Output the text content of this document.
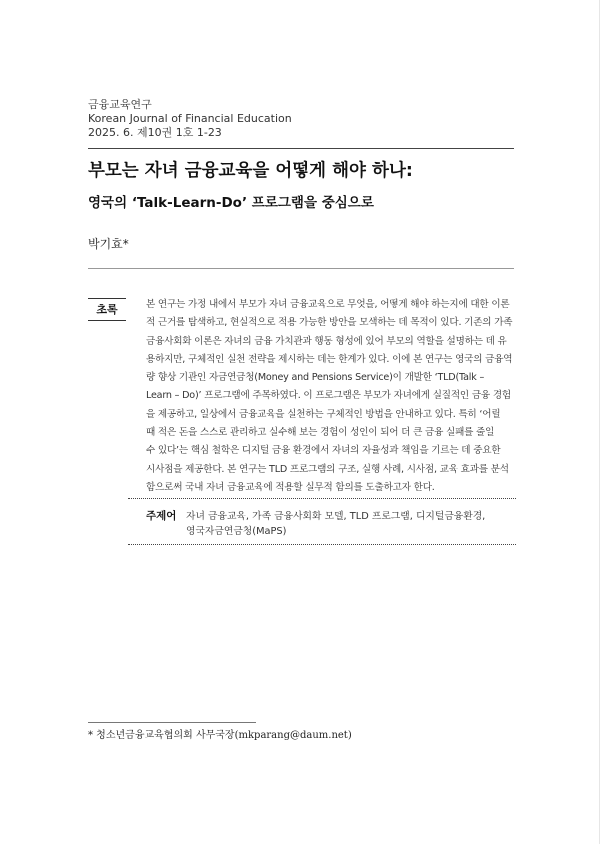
금융교육연구
Korean Journal of Financial Education
2025. 6. 제10권 1호 1-23
부모는 자녀 금융교육을 어떻게 해야 하나:
영국의 ‘Talk-Learn-Do’ 프로그램을 중심으로
박기효*
초록	본 연구는 가정 내에서 부모가 자녀 금융교육으로 무엇을, 어떻게 해야 하는지에 대한 이론
적 근거를 탐색하고, 현실적으로 적용 가능한 방안을 모색하는 데 목적이 있다. 기존의 가족
금융사회화 이론은 자녀의 금융 가치관과 행동 형성에 있어 부모의 역할을 설명하는 데 유
용하지만, 구체적인 실천 전략을 제시하는 데는 한계가 있다. 이에 본 연구는 영국의 금융역
량 향상 기관인 자금연금청(Money and Pensions Service)이 개발한 ‘TLD(Talk –
Learn – Do)’ 프로그램에 주목하였다. 이 프로그램은 부모가 자녀에게 실질적인 금융 경험
을 제공하고, 일상에서 금융교육을 실천하는 구체적인 방법을 안내하고 있다. 특히 ‘어릴
때 적은 돈을 스스로 관리하고 실수해 보는 경험이 성인이 되어 더 큰 금융 실패를 줄일
수 있다’는 핵심 철학은 디지털 금융 환경에서 자녀의 자율성과 책임을 기르는 데 중요한
시사점을 제공한다. 본 연구는 TLD 프로그램의 구조, 실행 사례, 시사점, 교육 효과를 분석
함으로써 국내 자녀 금융교육에 적용할 실무적 함의를 도출하고자 한다.
주제어 자녀 금융교육, 가족 금융사회화 모델, TLD 프로그램, 디지털금융환경,
영국자금연금청(MaPS)
* 청소년금융교육협의회 사무국장(mkparang@daum.net)
